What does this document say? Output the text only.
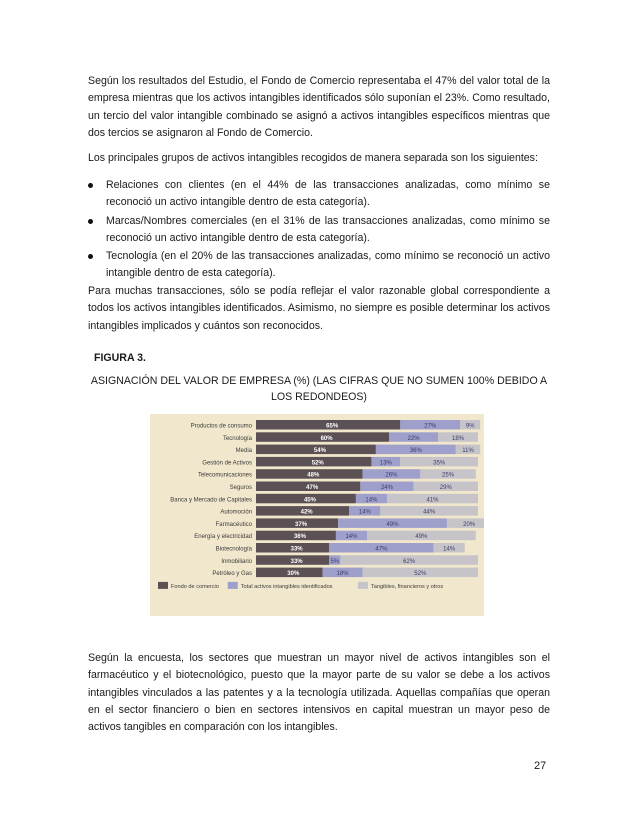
Según los resultados del Estudio, el Fondo de Comercio representaba el 47% del valor total de la empresa mientras que los activos intangibles identificados sólo suponían el 23%. Como resultado, un tercio del valor intangible combinado se asignó a activos intangibles específicos mientras que dos tercios se asignaron al Fondo de Comercio.

Los principales grupos de activos intangibles recogidos de manera separada son los siguientes:

Relaciones con clientes (en el 44% de las transacciones analizadas, como mínimo se reconoció un activo intangible dentro de esta categoría).
Marcas/Nombres comerciales (en el 31% de las transacciones analizadas, como mínimo se reconoció un activo intangible dentro de esta categoría).
Tecnología (en el 20% de las transacciones analizadas, como mínimo se reconoció un activo intangible dentro de esta categoría).

Para muchas transacciones, sólo se podía reflejar el valor razonable global correspondiente a todos los activos intangibles identificados. Asimismo, no siempre es posible determinar los activos intangibles implicados y cuántos son reconocidos.

FIGURA 3.
ASIGNACIÓN DEL VALOR DE EMPRESA (%) (LAS CIFRAS QUE NO SUMEN 100% DEBIDO A LOS REDONDEOS)
Productos de consumo	65%	27%	9%
Tecnología	60%	22%	18%
Media	54%	36%	11%
Gestión de Activos	52%	13%	35%
Telecomunicaciones	48%	26%	25%
Seguros	47%	24%	29%
Banca y Mercado de Capitales	45%	14%	41%
Automoción	42%	14%	44%
Farmacéutico	37%	49%	20%
Energía y electricidad	36%	14%	49%
Biotecnología	33%	47%	14%
Inmobiliario	33%	5%	62%
Petróleo y Gas	30%	18%	52%
Fondo de comercio	Total activos intangibles identificados	Tangibles, financieros y otros

Según la encuesta, los sectores que muestran un mayor nivel de activos intangibles son el farmacéutico y el biotecnológico, puesto que la mayor parte de su valor se debe a los activos intangibles vinculados a las patentes y a la tecnología utilizada. Aquellas compañías que operan en el sector financiero o bien en sectores intensivos en capital muestran un mayor peso de activos tangibles en comparación con los intangibles.

27
